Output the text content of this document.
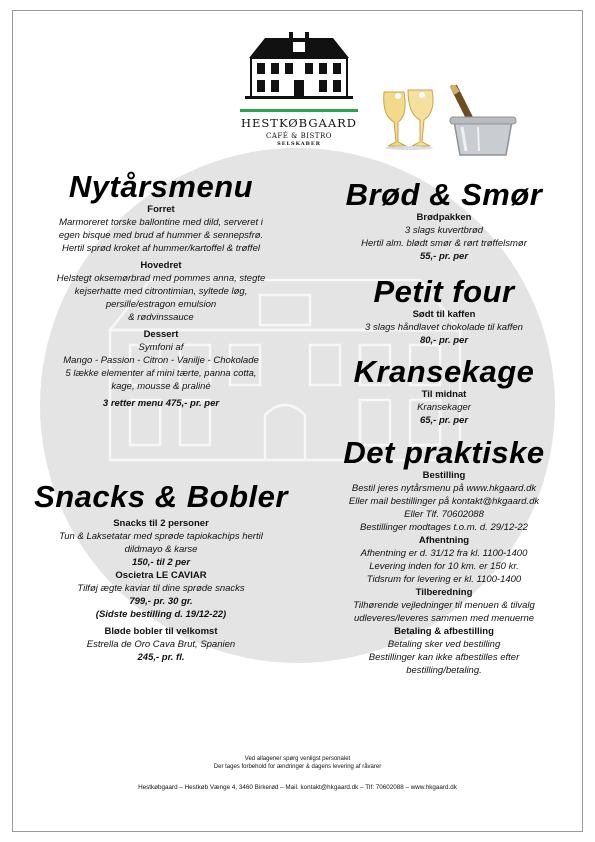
HESTKØBGAARD
CAFÉ & BISTRO
SELSKABER
Nytårsmenu
Forret
Marmoreret torske ballontine med dild, serveret i
egen bisque med brud af hummer & sennepsfrø.
Hertil sprød kroket af hummer/kartoffel & trøffel
Hovedret
Helstegt oksemørbrad med pommes anna, stegte
kejserhatte med citrontimian, syltede løg,
persille/estragon emulsion
& rødvinssauce
Dessert
Symfoni af
Mango - Passion - Citron - Vanilje - Chokolade
5 lække elementer af mini tærte, panna cotta,
kage, mousse & praliné
3 retter menu 475,- pr. per
Snacks & Bobler
Snacks til 2 personer
Tun & Laksetatar med sprøde tapiokachips hertil
dildmayo & karse
150,- til 2 per
Oscietra LE CAVIAR
Tilføj ægte kaviar til dine sprøde snacks
799,- pr. 30 gr.
(Sidste bestilling d. 19/12-22)
Bløde bobler til velkomst
Estrella de Oro Cava Brut, Spanien
245,- pr. fl.
Brød & Smør
Brødpakken
3 slags kuvertbrød
Hertil alm. blødt smør & rørt trøffelsmør
55,- pr. per
Petit four
Sødt til kaffen
3 slags håndlavet chokolade til kaffen
80,- pr. per
Kransekage
Til midnat
Kransekager
65,- pr. per
Det praktiske
Bestilling
Bestil jeres nytårsmenu på www.hkgaard.dk
Eller mail bestillinger på kontakt@hkgaard.dk
Eller Tlf. 70602088
Bestillinger modtages t.o.m. d. 29/12-22
Afhentning
Afhentning er d. 31/12 fra kl. 1100-1400
Levering inden for 10 km. er 150 kr.
Tidsrum for levering er kl. 1100-1400
Tilberedning
Tilhørende vejledninger til menuen & tilvalg
udleveres/leveres sammen med menuerne
Betaling & afbestilling
Betaling sker ved bestilling
Bestillinger kan ikke afbestilles efter
bestilling/betaling.
Ved allagener spørg venligst personalet
Der tages forbehold for ændringer & dagens levering af råvarer
Hestkøbgaard – Hestkøb Vænge 4, 3460 Birkerød – Mail. kontakt@hkgaard.dk – Tlf: 70602088 – www.hkgaard.dk
